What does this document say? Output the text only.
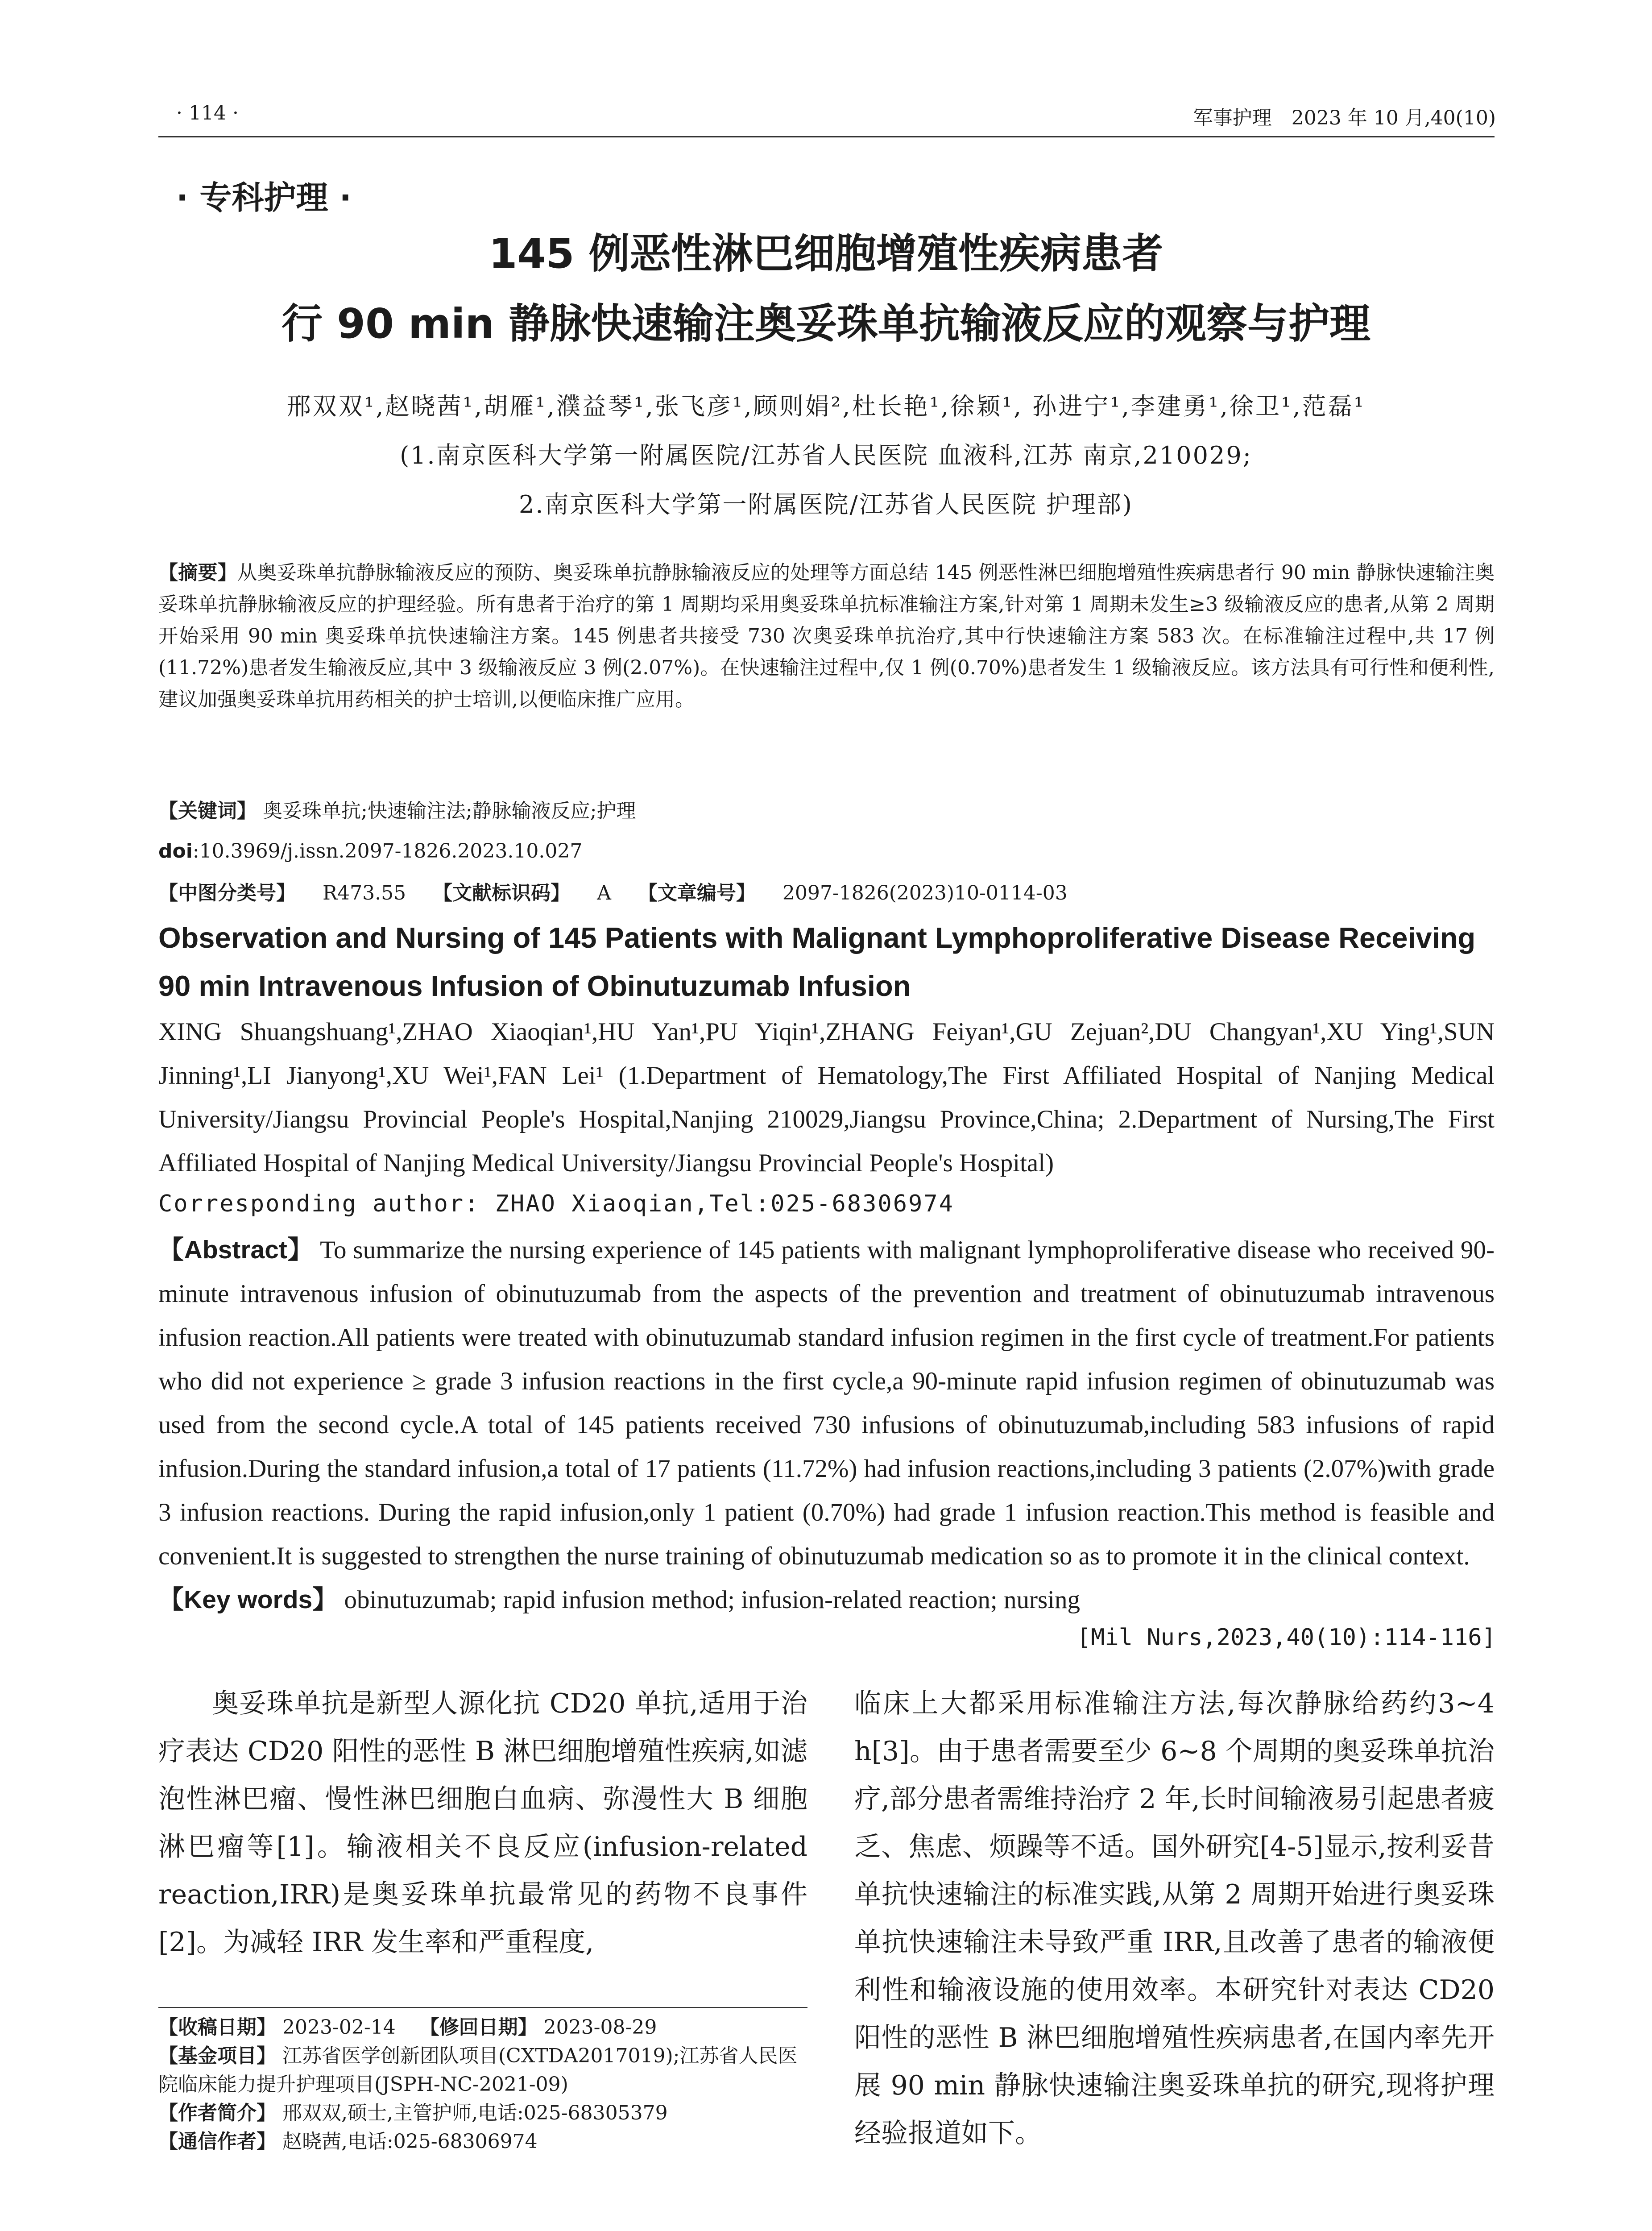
· 114 ·	军事护理　2023 年 10 月,40(10)
· 专科护理 ·
145 例恶性淋巴细胞增殖性疾病患者
行 90 min 静脉快速输注奥妥珠单抗输液反应的观察与护理
邢双双¹,赵晓茜¹,胡雁¹,濮益琴¹,张飞彦¹,顾则娟²,杜长艳¹,徐颖¹, 孙进宁¹,李建勇¹,徐卫¹,范磊¹
(1.南京医科大学第一附属医院/江苏省人民医院 血液科,江苏 南京,210029;
2.南京医科大学第一附属医院/江苏省人民医院 护理部)

【摘要】从奥妥珠单抗静脉输液反应的预防、奥妥珠单抗静脉输液反应的处理等方面总结 145 例恶性淋巴细胞增殖性疾病患者行 90 min 静脉快速输注奥妥珠单抗静脉输液反应的护理经验。所有患者于治疗的第 1 周期均采用奥妥珠单抗标准输注方案,针对第 1 周期未发生≥3 级输液反应的患者,从第 2 周期开始采用 90 min 奥妥珠单抗快速输注方案。145 例患者共接受 730 次奥妥珠单抗治疗,其中行快速输注方案 583 次。在标准输注过程中,共 17 例(11.72%)患者发生输液反应,其中 3 级输液反应 3 例(2.07%)。在快速输注过程中,仅 1 例(0.70%)患者发生 1 级输液反应。该方法具有可行性和便利性,建议加强奥妥珠单抗用药相关的护士培训,以便临床推广应用。

【关键词】 奥妥珠单抗;快速输注法;静脉输液反应;护理

doi:10.3969/j.issn.2097-1826.2023.10.027

【中图分类号】 R473.55 【文献标识码】 A 【文章编号】 2097-1826(2023)10-0114-03

Observation and Nursing of 145 Patients with Malignant Lymphoproliferative Disease Receiving
90 min Intravenous Infusion of Obinutuzumab Infusion

XING Shuangshuang¹,ZHAO Xiaoqian¹,HU Yan¹,PU Yiqin¹,ZHANG Feiyan¹,GU Zejuan²,DU Changyan¹,XU Ying¹,SUN Jinning¹,LI Jianyong¹,XU Wei¹,FAN Lei¹ (1.Department of Hematology,The First Affiliated Hospital of Nanjing Medical University/Jiangsu Provincial People's Hospital,Nanjing 210029,Jiangsu Province,China; 2.Department of Nursing,The First Affiliated Hospital of Nanjing Medical University/Jiangsu Provincial People's Hospital)

Corresponding author: ZHAO Xiaoqian,Tel:025-68306974

【Abstract】 To summarize the nursing experience of 145 patients with malignant lymphoproliferative disease who received 90-minute intravenous infusion of obinutuzumab from the aspects of the prevention and treatment of obinutuzumab intravenous infusion reaction.All patients were treated with obinutuzumab standard infusion regimen in the first cycle of treatment.For patients who did not experience ≥ grade 3 infusion reactions in the first cycle,a 90-minute rapid infusion regimen of obinutuzumab was used from the second cycle.A total of 145 patients received 730 infusions of obinutuzumab,including 583 infusions of rapid infusion.During the standard infusion,a total of 17 patients (11.72%) had infusion reactions,including 3 patients (2.07%)with grade 3 infusion reactions. During the rapid infusion,only 1 patient (0.70%) had grade 1 infusion reaction.This method is feasible and convenient.It is suggested to strengthen the nurse training of obinutuzumab medication so as to promote it in the clinical context.

【Key words】 obinutuzumab; rapid infusion method; infusion-related reaction; nursing

[Mil Nurs,2023,40(10):114-116]

奥妥珠单抗是新型人源化抗 CD20 单抗,适用于治疗表达 CD20 阳性的恶性 B 淋巴细胞增殖性疾病,如滤泡性淋巴瘤、慢性淋巴细胞白血病、弥漫性大 B 细胞淋巴瘤等[1]。输液相关不良反应(infusion-related reaction,IRR)是奥妥珠单抗最常见的药物不良事件[2]。为减轻 IRR 发生率和严重程度,

临床上大都采用标准输注方法,每次静脉给药约3~4 h[3]。由于患者需要至少 6~8 个周期的奥妥珠单抗治疗,部分患者需维持治疗 2 年,长时间输液易引起患者疲乏、焦虑、烦躁等不适。国外研究[4-5]显示,按利妥昔单抗快速输注的标准实践,从第 2 周期开始进行奥妥珠单抗快速输注未导致严重 IRR,且改善了患者的输液便利性和输液设施的使用效率。本研究针对表达 CD20 阳性的恶性 B 淋巴细胞增殖性疾病患者,在国内率先开展 90 min 静脉快速输注奥妥珠单抗的研究,现将护理经验报道如下。

【收稿日期】 2023-02-14 【修回日期】 2023-08-29
【基金项目】 江苏省医学创新团队项目(CXTDA2017019);江苏省人民医院临床能力提升护理项目(JSPH-NC-2021-09)
【作者简介】 邢双双,硕士,主管护师,电话:025-68305379
【通信作者】 赵晓茜,电话:025-68306974
